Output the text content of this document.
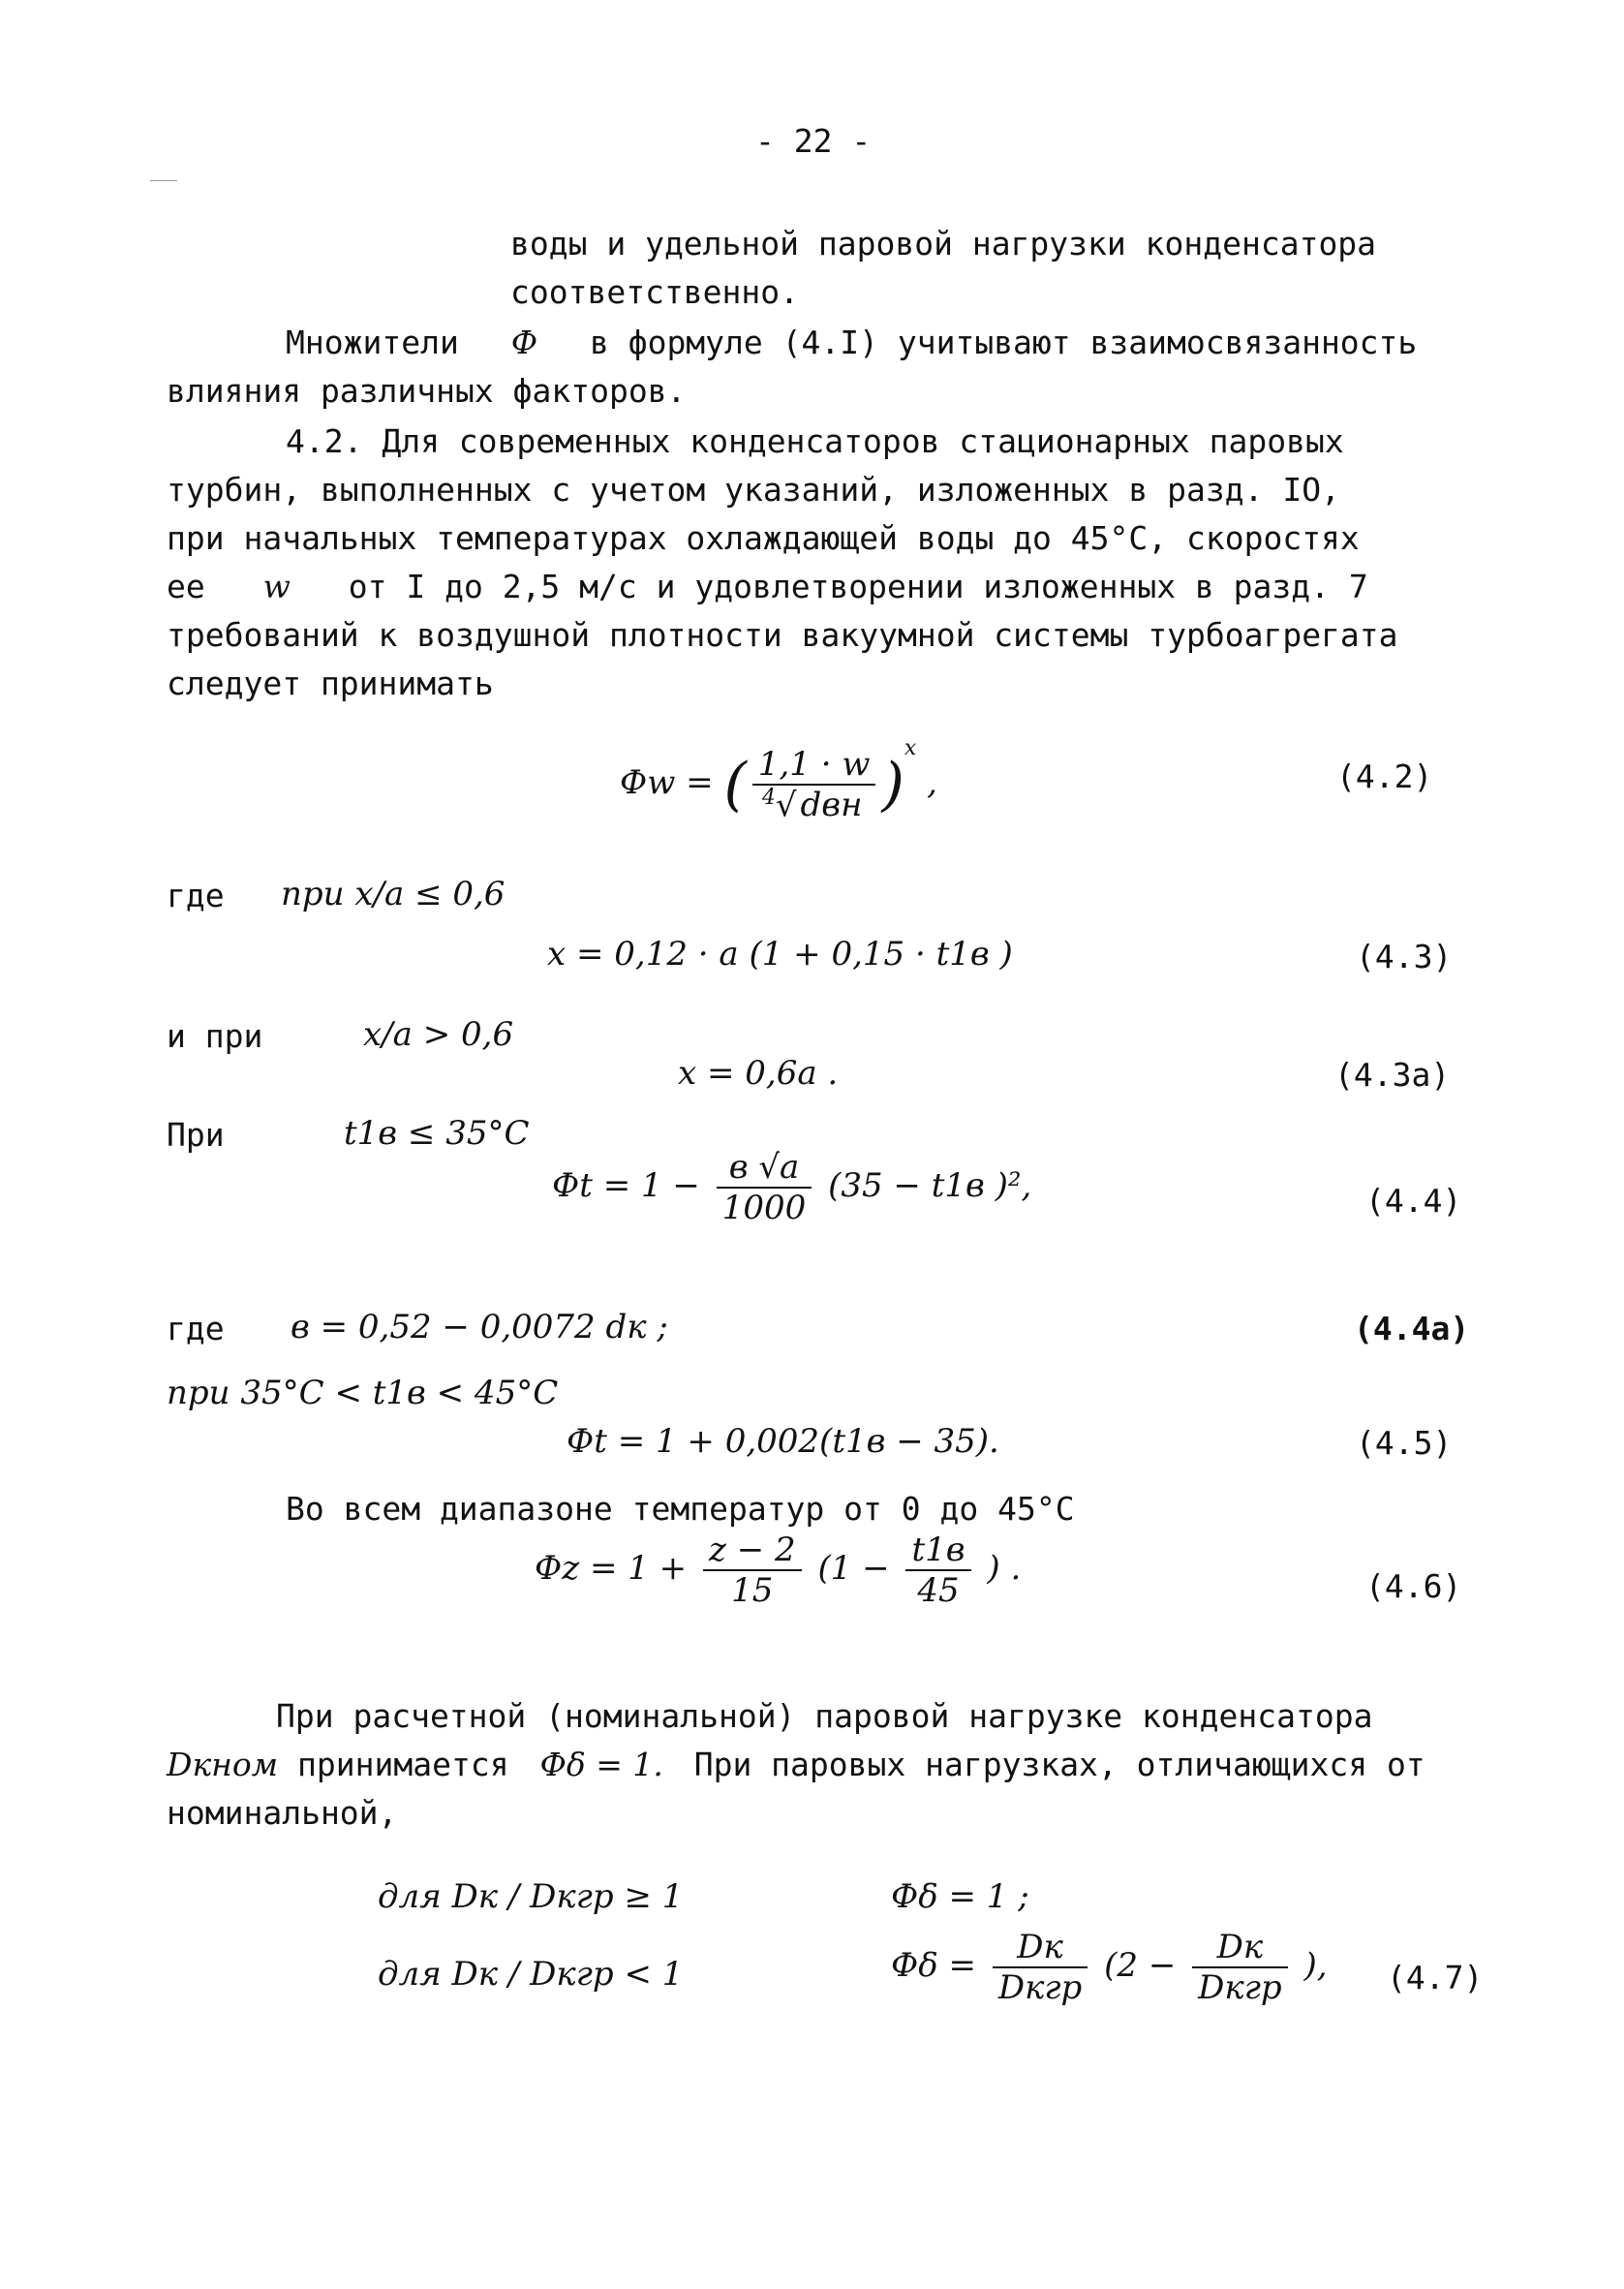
- 22 -
воды и удельной паровой нагрузки конденсатора
соответственно.
Множители Ф в формуле (4.I) учитывают взаимосвязанность
влияния различных факторов.
4.2. Для современных конденсаторов стационарных паровых
турбин, выполненных с учетом указаний, изложенных в разд. IO,
при начальных температурах охлаждающей воды до 45°C, скоростях
ее w от I до 2,5 м/с и удовлетворении изложенных в разд. 7
требований к воздушной плотности вакуумной системы турбоагрегата
следует принимать
Фw = ( $\frac{1,1 \cdot w}{^4√ dвн} )^x$ ,	(4.2)
где при x/a ≤ 0,6
x = 0,12 · a (1 + 0,15 · t1в )	(4.3)
и при	x/a > 0,6
x = 0,6a .	(4.3a)
При	t1в ≤ 35°C
Фt = $1 - \frac{в √a}{1000} (35 - t1в$ )²,	(4.4)
где в = 0,52 − 0,0072 dк ;	(4.4a)
при 35°C < t1в < 45°C
Фt = 1 + 0,002(t1в − 35).	(4.5)
Во всем диапазоне температур от 0 до 45°C
Фz = $1 + \frac{z - 2}{15} (1 - \frac{t1в}{45}$ ) .	(4.6)
При расчетной (номинальной) паровой нагрузке конденсатора
Dкном принимается Фδ = 1. При паровых нагрузках, отличающихся от
номинальной,
для Dк / Dкгр ≥ 1	Фδ = 1 ;
для Dк / Dкгр < 1	$Ф\delta = \frac{Dк}{\text{Dкгр}} (2 - \frac{Dк}{\text{Dкгр}}$ ), (4.7)
